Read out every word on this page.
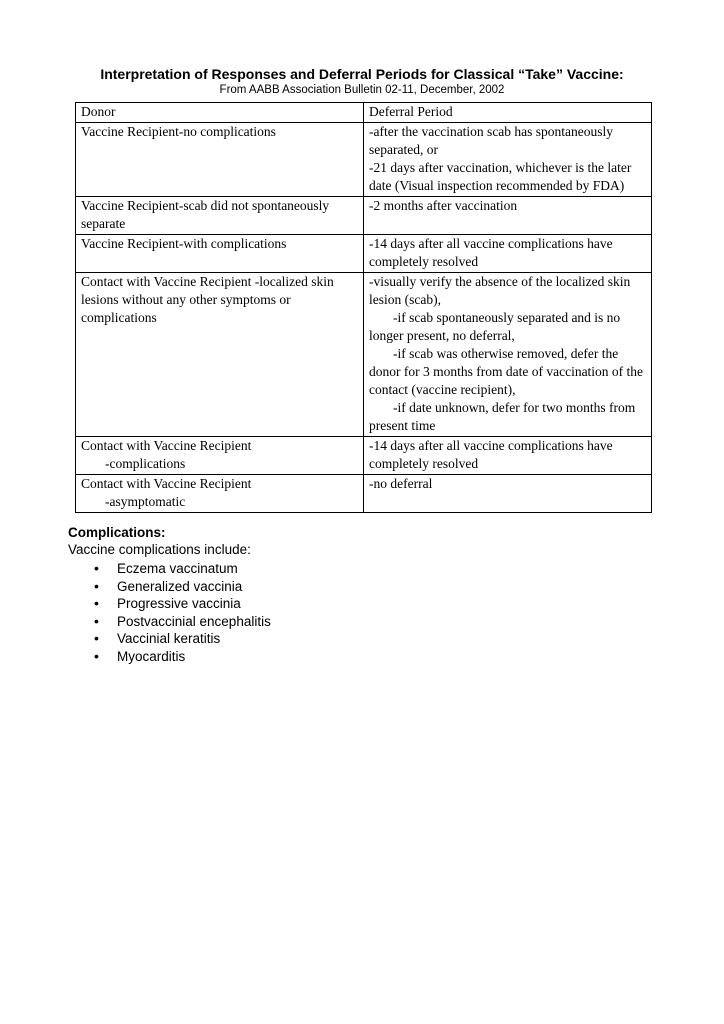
Interpretation of Responses and Deferral Periods for Classical “Take” Vaccine:
From AABB Association Bulletin 02-11, December, 2002
Donor	Deferral Period

Vaccine Recipient-no complications	-after the vaccination scab has spontaneously separated, or
-21 days after vaccination, whichever is the later date (Visual inspection recommended by FDA)

Vaccine Recipient-scab did not spontaneously separate	-2 months after vaccination

Vaccine Recipient-with complications	-14 days after all vaccine complications have completely resolved

Contact with Vaccine Recipient -localized skin lesions without any other symptoms or complications	-visually verify the absence of the localized skin lesion (scab),
-if scab spontaneously separated and is no longer present, no deferral,
-if scab was otherwise removed, defer the donor for 3 months from date of vaccination of the contact (vaccine recipient),
-if date unknown, defer for two months from present time

Contact with Vaccine Recipient
-complications	-14 days after all vaccine complications have completely resolved

Contact with Vaccine Recipient
-asymptomatic	-no deferral
Complications:
Vaccine complications include:
• Eczema vaccinatum
• Generalized vaccinia
• Progressive vaccinia
• Postvaccinial encephalitis
• Vaccinial keratitis
• Myocarditis
